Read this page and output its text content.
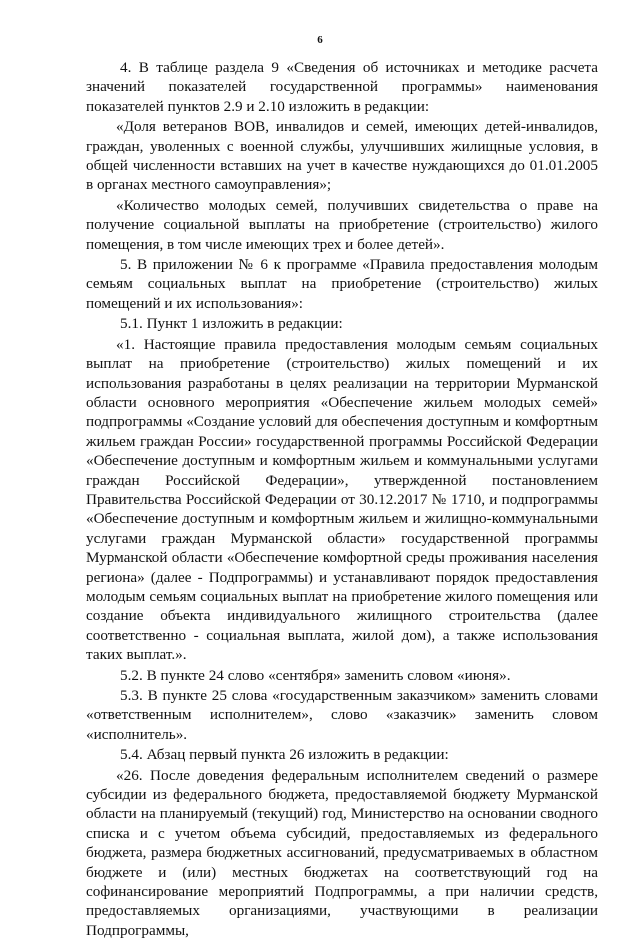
6

4. В таблице раздела 9 «Сведения об источниках и методике расчета значений показателей государственной программы» наименования показателей пунктов 2.9 и 2.10 изложить в редакции:

«Доля ветеранов ВОВ, инвалидов и семей, имеющих детей-инвалидов, граждан, уволенных с военной службы, улучшивших жилищные условия, в общей численности вставших на учет в качестве нуждающихся до 01.01.2005 в органах местного самоуправления»;

«Количество молодых семей, получивших свидетельства о праве на получение социальной выплаты на приобретение (строительство) жилого помещения, в том числе имеющих трех и более детей».

5. В приложении № 6 к программе «Правила предоставления молодым семьям социальных выплат на приобретение (строительство) жилых помещений и их использования»:

5.1. Пункт 1 изложить в редакции:

«1. Настоящие правила предоставления молодым семьям социальных выплат на приобретение (строительство) жилых помещений и их использования разработаны в целях реализации на территории Мурманской области основного мероприятия «Обеспечение жильем молодых семей» подпрограммы «Создание условий для обеспечения доступным и комфортным жильем граждан России» государственной программы Российской Федерации «Обеспечение доступным и комфортным жильем и коммунальными услугами граждан Российской Федерации», утвержденной постановлением Правительства Российской Федерации от 30.12.2017 № 1710, и подпрограммы «Обеспечение доступным и комфортным жильем и жилищно-коммунальными услугами граждан Мурманской области» государственной программы Мурманской области «Обеспечение комфортной среды проживания населения региона» (далее - Подпрограммы) и устанавливают порядок предоставления молодым семьям социальных выплат на приобретение жилого помещения или создание объекта индивидуального жилищного строительства (далее соответственно - социальная выплата, жилой дом), а также использования таких выплат.».

5.2. В пункте 24 слово «сентября» заменить словом «июня».

5.3. В пункте 25 слова «государственным заказчиком» заменить словами «ответственным исполнителем», слово «заказчик» заменить словом «исполнитель».

5.4. Абзац первый пункта 26 изложить в редакции:

«26. После доведения федеральным исполнителем сведений о размере субсидии из федерального бюджета, предоставляемой бюджету Мурманской области на планируемый (текущий) год, Министерство на основании сводного списка и с учетом объема субсидий, предоставляемых из федерального бюджета, размера бюджетных ассигнований, предусматриваемых в областном бюджете и (или) местных бюджетах на соответствующий год на софинансирование мероприятий Подпрограммы, а при наличии средств, предоставляемых организациями, участвующими в реализации Подпрограммы,
